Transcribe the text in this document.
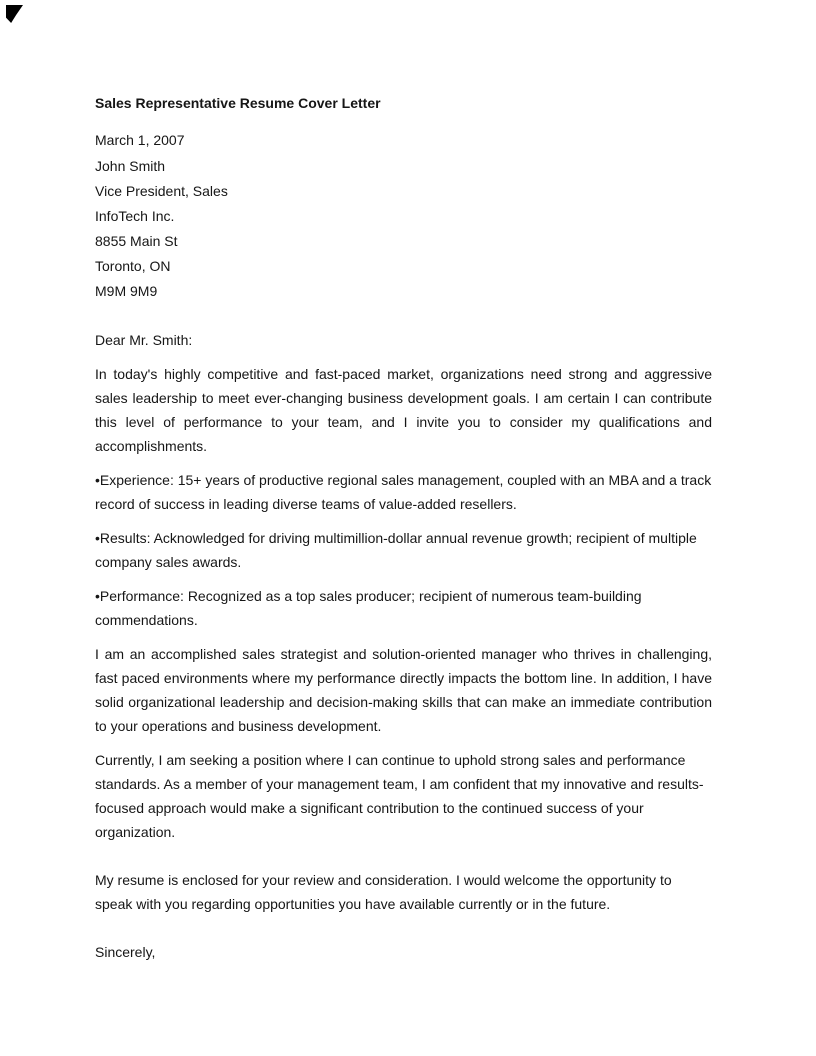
Sales Representative Resume Cover Letter
March 1, 2007
John Smith
Vice President, Sales
InfoTech Inc.
8855 Main St
Toronto, ON
M9M 9M9

Dear Mr. Smith:

In today's highly competitive and fast-paced market, organizations need strong and aggressive sales leadership to meet ever-changing business development goals. I am certain I can contribute this level of performance to your team, and I invite you to consider my qualifications and accomplishments.

•Experience: 15+ years of productive regional sales management, coupled with an MBA and a track record of success in leading diverse teams of value-added resellers.

•Results: Acknowledged for driving multimillion-dollar annual revenue growth; recipient of multiple company sales awards.

•Performance: Recognized as a top sales producer; recipient of numerous team-building commendations.

I am an accomplished sales strategist and solution-oriented manager who thrives in challenging, fast paced environments where my performance directly impacts the bottom line. In addition, I have solid organizational leadership and decision-making skills that can make an immediate contribution to your operations and business development.

Currently, I am seeking a position where I can continue to uphold strong sales and performance standards. As a member of your management team, I am confident that my innovative and results-focused approach would make a significant contribution to the continued success of your organization.

My resume is enclosed for your review and consideration. I would welcome the opportunity to speak with you regarding opportunities you have available currently or in the future.

Sincerely,
